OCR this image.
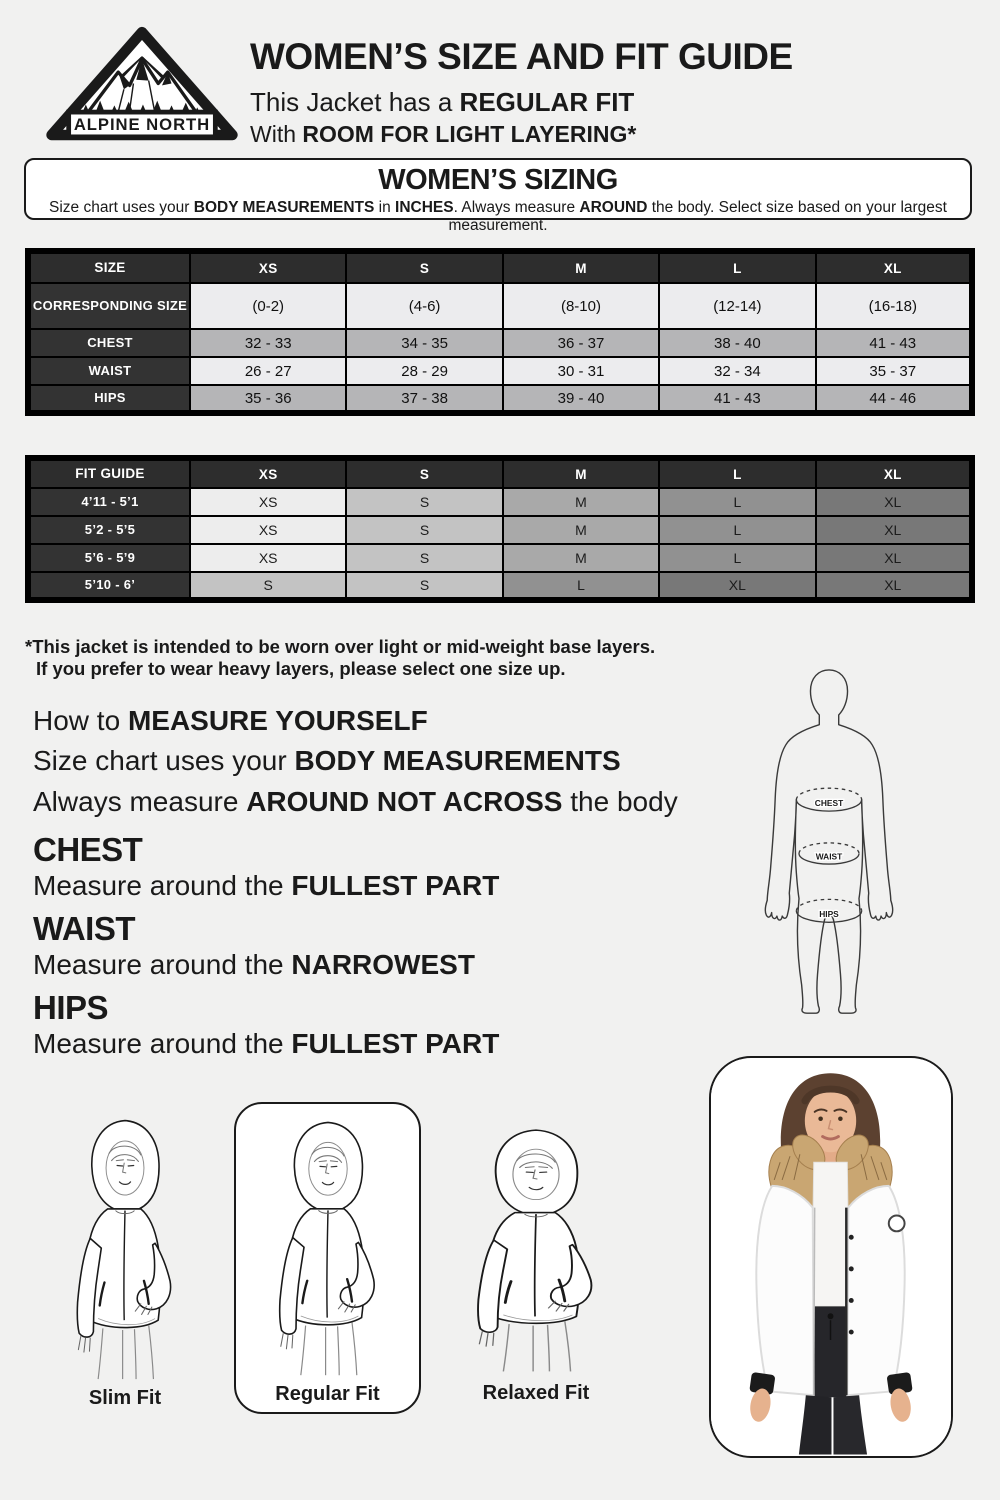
ALPINE NORTH
WOMEN’S SIZE AND FIT GUIDE

This Jacket has a REGULAR FIT

With ROOM FOR LIGHT LAYERING*

WOMEN’S SIZING

Size chart uses your BODY MEASUREMENTS in INCHES. Always measure AROUND the body. Select size based on your largest measurement.

SIZE	XS	S	M	L	XL
CORRESPONDING SIZE	(0-2)	(4-6)	(8-10)	(12-14)	(16-18)
CHEST	32 - 33	34 - 35	36 - 37	38 - 40	41 - 43
WAIST	26 - 27	28 - 29	30 - 31	32 - 34	35 - 37
HIPS	35 - 36	37 - 38	39 - 40	41 - 43	44 - 46
FIT GUIDE	XS	S	M	L	XL
4’11 - 5’1	XS	S	M	L	XL
5’2 - 5’5	XS	S	M	L	XL
5’6 - 5’9	XS	S	M	L	XL
5’10 - 6’	S	S	L	XL	XL
*This jacket is intended to be worn over light or mid-weight base layers.
If you prefer to wear heavy layers, please select one size up.
How to MEASURE YOURSELF
Size chart uses your BODY MEASUREMENTS
Always measure AROUND NOT ACROSS the body
CHEST

Measure around the FULLEST PART

WAIST

Measure around the NARROWEST

HIPS

Measure around the FULLEST PART

CHEST
WAIST
HIPS
Slim Fit	Regular Fit	Relaxed Fit
